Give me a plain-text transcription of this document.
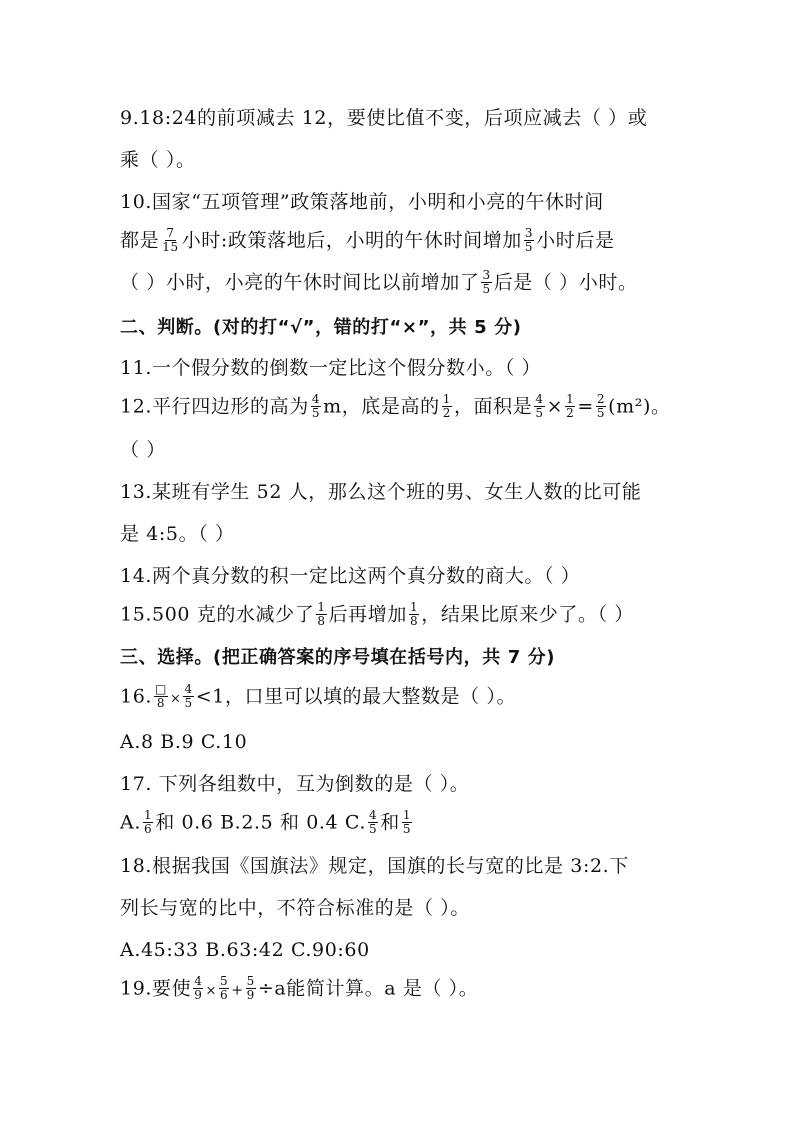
9.18:24的前项减去 12，要使比值不变，后项应减去（ ）或
乘（ ）。
10.国家“五项管理”政策落地前，小明和小亮的午休时间
都是 $\frac{7}{15}$ 小时:政策落地后，小明的午休时间增加 $\frac{3}{5}$ 小时后是
（ ）小时，小亮的午休时间比以前增加了 $\frac{3}{5}$ 后是（ ）小时。
二、判断。(对的打“√”，错的打“×”，共 5 分)
11.一个假分数的倒数一定比这个假分数小。（ ）
12.平行四边形的高为 $\frac{4}{5}$ m，底是高的 $\frac{1}{2}$ ，面积是 $\frac{4}{5} \times \frac{1}{2} = \frac{2}{5} (m^2)$。
（ ）
13.某班有学生 52 人，那么这个班的男、女生人数的比可能
是 4:5。（ ）
14.两个真分数的积一定比这两个真分数的商大。（ ）
15.500 克的水减少了 $\frac{1}{8}$ 后再增加 $\frac{1}{8}$ ，结果比原来少了。（ ）
三、选择。(把正确答案的序号填在括号内，共 7 分)
16. $\frac{□}{8} \times \frac{4}{5} <1$，口里可以填的最大整数是（ ）。
A.8 B.9 C.10
17. 下列各组数中，互为倒数的是（ ）。
A. $\frac{1}{6}$ 和 0.6 B.2.5 和 0.4 C. $\frac{4}{5}$ 和 $\frac{1}{5}$
18.根据我国《国旗法》规定，国旗的长与宽的比是 3:2.下
列长与宽的比中，不符合标准的是（ ）。
A.45:33 B.63:42 C.90:60
19.要使 $\frac{4}{9} \times \frac{5}{6} + \frac{5}{9} \div a$能简计算。a 是（ ）。
